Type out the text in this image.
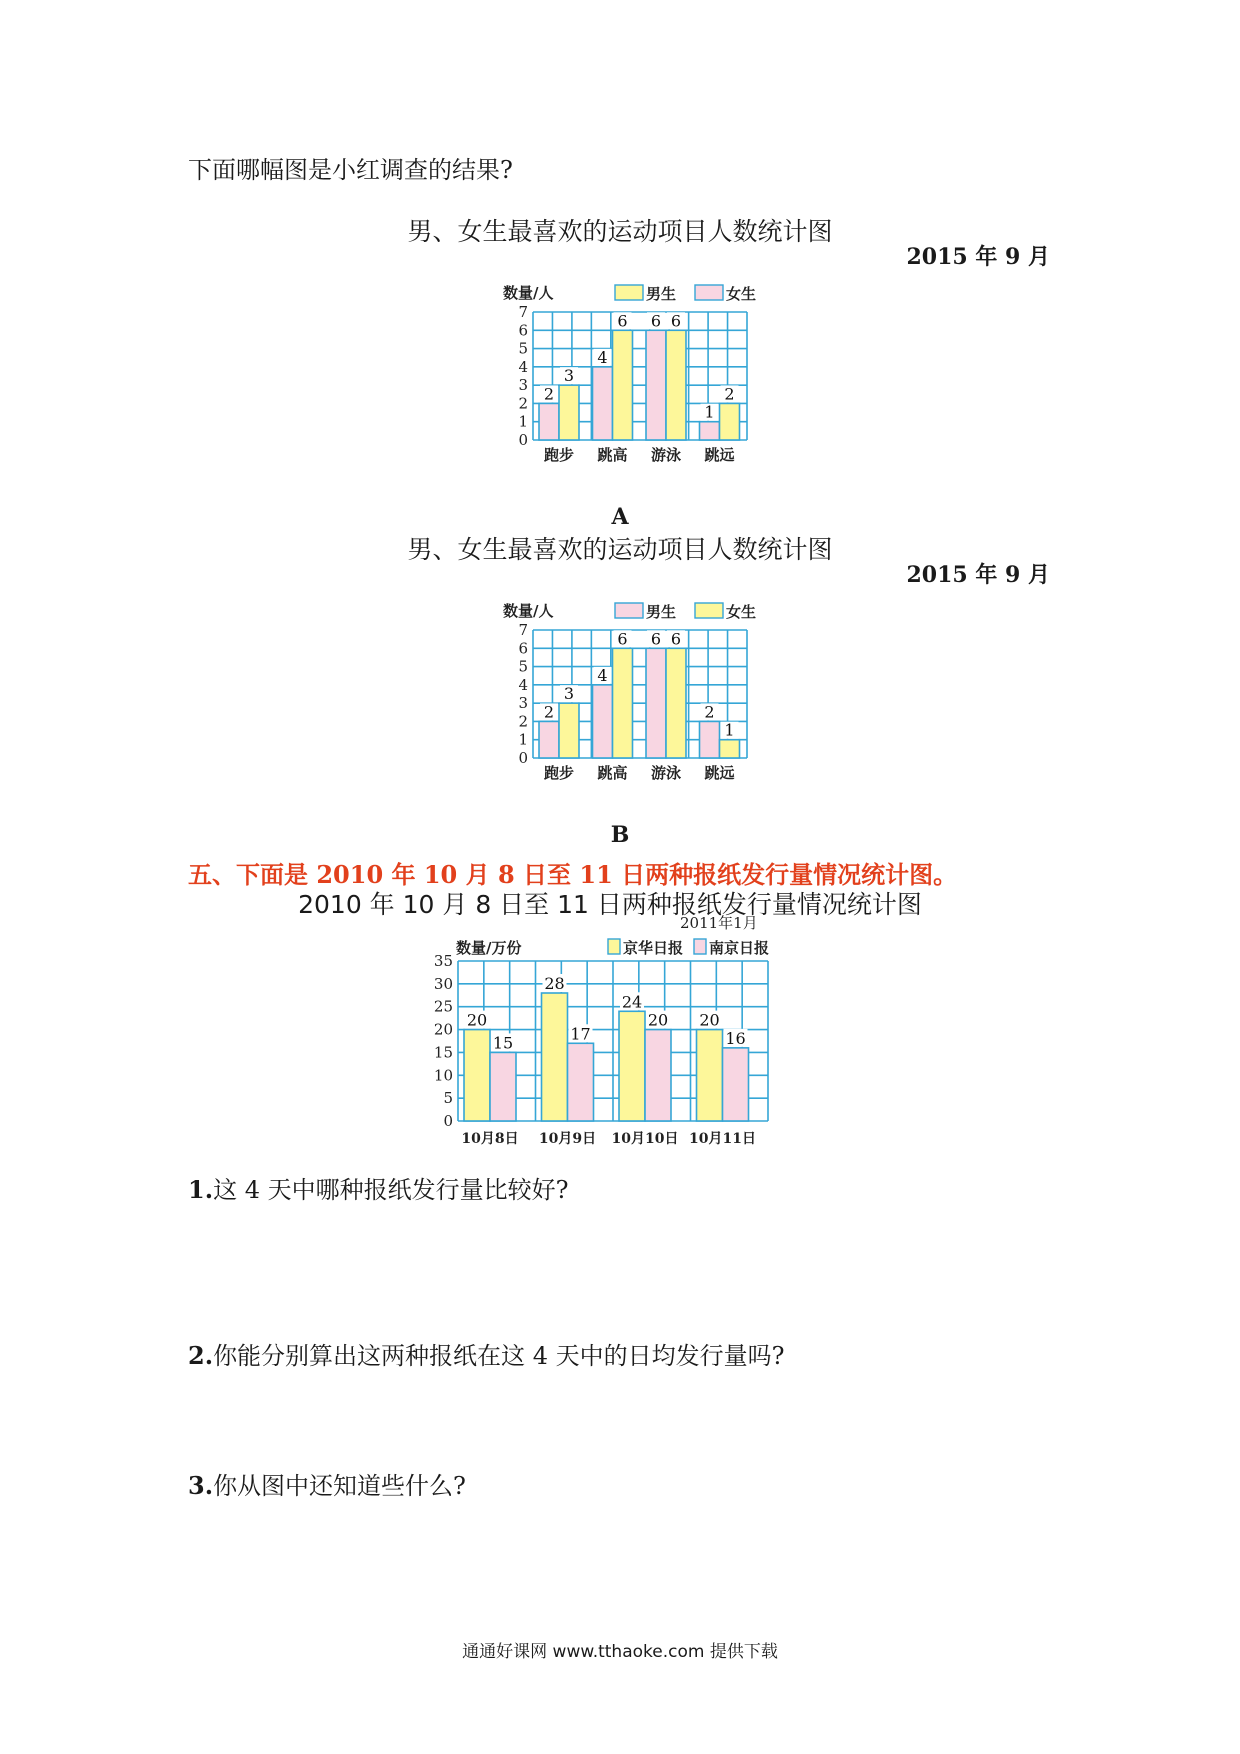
下面哪幅图是小红调查的结果?
男、女生最喜欢的运动项目人数统计图
2015 年 9 月
0
1
2
3
4
5
6
7
数量/人	男生	女生
2
3
跑步
4
6
跳高
6 6
游泳
1
2
跳远
A
男、女生最喜欢的运动项目人数统计图
2015 年 9 月
0
1
2
3
4
5
6
7
数量/人	男生	女生
2
3
跑步
4
6
跳高
6 6
游泳
2
1
跳远
B
五、下面是 2010 年 10 月 8 日至 11 日两种报纸发行量情况统计图。
2010 年 10 月 8 日至 11 日两种报纸发行量情况统计图
0
5
10
15
20
25
30
35
数量/万份	京华日报 南京日报
20
15
10月8日
28
17
10月9日
24
20
10月10日
20
16
10月11日
2011年1月
1.这 4 天中哪种报纸发行量比较好?
2.你能分别算出这两种报纸在这 4 天中的日均发行量吗?
3.你从图中还知道些什么?
通通好课网 www.tthaoke.com 提供下载
